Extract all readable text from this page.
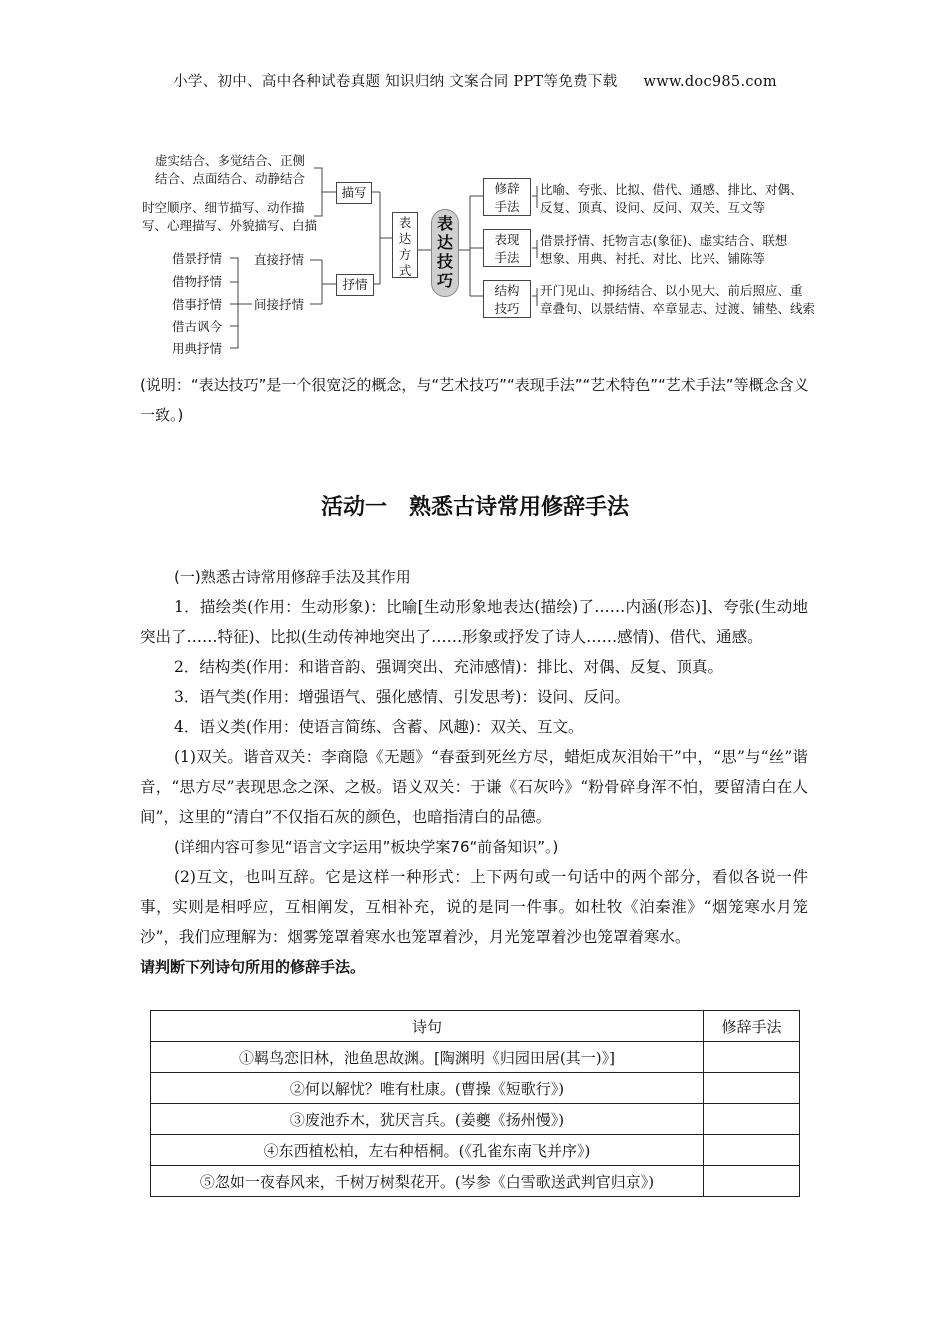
小学、初中、高中各种试卷真题 知识归纳 文案合同 PPT等免费下载 www.doc985.com
虚实结合、多觉结合、正侧
结合、点面结合、动静结合
时空顺序、细节描写、动作描
写、心理描写、外貌描写、白描
描写
抒情
表达方式
表达技巧
直接抒情
间接抒情
借景抒情
借物抒情
借事抒情
借古讽今
用典抒情
修辞手法
表现手法
结构技巧
比喻、夸张、比拟、借代、通感、排比、对偶、
反复、顶真、设问、反问、双关、互文等
借景抒情、托物言志(象征)、虚实结合、联想
想象、用典、衬托、对比、比兴、铺陈等
开门见山、抑扬结合、以小见大、前后照应、重
章叠句、以景结情、卒章显志、过渡、铺垫、线索
(说明：“表达技巧”是一个很宽泛的概念，与“艺术技巧”“表现手法”“艺术特色”“艺术手法”等概念含义一致。)
活动一　熟悉古诗常用修辞手法

(一)熟悉古诗常用修辞手法及其作用

1．描绘类(作用：生动形象)：比喻[生动形象地表达(描绘)了……内涵(形态)]、夸张(生动地突出了……特征)、比拟(生动传神地突出了……形象或抒发了诗人……感情)、借代、通感。

2．结构类(作用：和谐音韵、强调突出、充沛感情)：排比、对偶、反复、顶真。

3．语气类(作用：增强语气、强化感情、引发思考)：设问、反问。

4．语义类(作用：使语言简练、含蓄、风趣)：双关、互文。

(1)双关。谐音双关：李商隐《无题》“春蚕到死丝方尽，蜡炬成灰泪始干”中，“思”与“丝”谐音，“思方尽”表现思念之深、之极。语义双关：于谦《石灰吟》“粉骨碎身浑不怕，要留清白在人间”，这里的“清白”不仅指石灰的颜色，也暗指清白的品德。

(详细内容可参见“语言文字运用”板块学案76“前备知识”。)

(2)互文，也叫互辞。它是这样一种形式：上下两句或一句话中的两个部分，看似各说一件事，实则是相呼应，互相阐发，互相补充，说的是同一件事。如杜牧《泊秦淮》“烟笼寒水月笼沙”，我们应理解为：烟雾笼罩着寒水也笼罩着沙，月光笼罩着沙也笼罩着寒水。

请判断下列诗句所用的修辞手法。

诗句	修辞手法
①羁鸟恋旧林，池鱼思故渊。[陶渊明《归园田居(其一)》]	
②何以解忧？唯有杜康。(曹操《短歌行》)	
③废池乔木，犹厌言兵。(姜夔《扬州慢》)	
④东西植松柏，左右种梧桐。(《孔雀东南飞并序》)	
⑤忽如一夜春风来，千树万树梨花开。(岑参《白雪歌送武判官归京》)	
